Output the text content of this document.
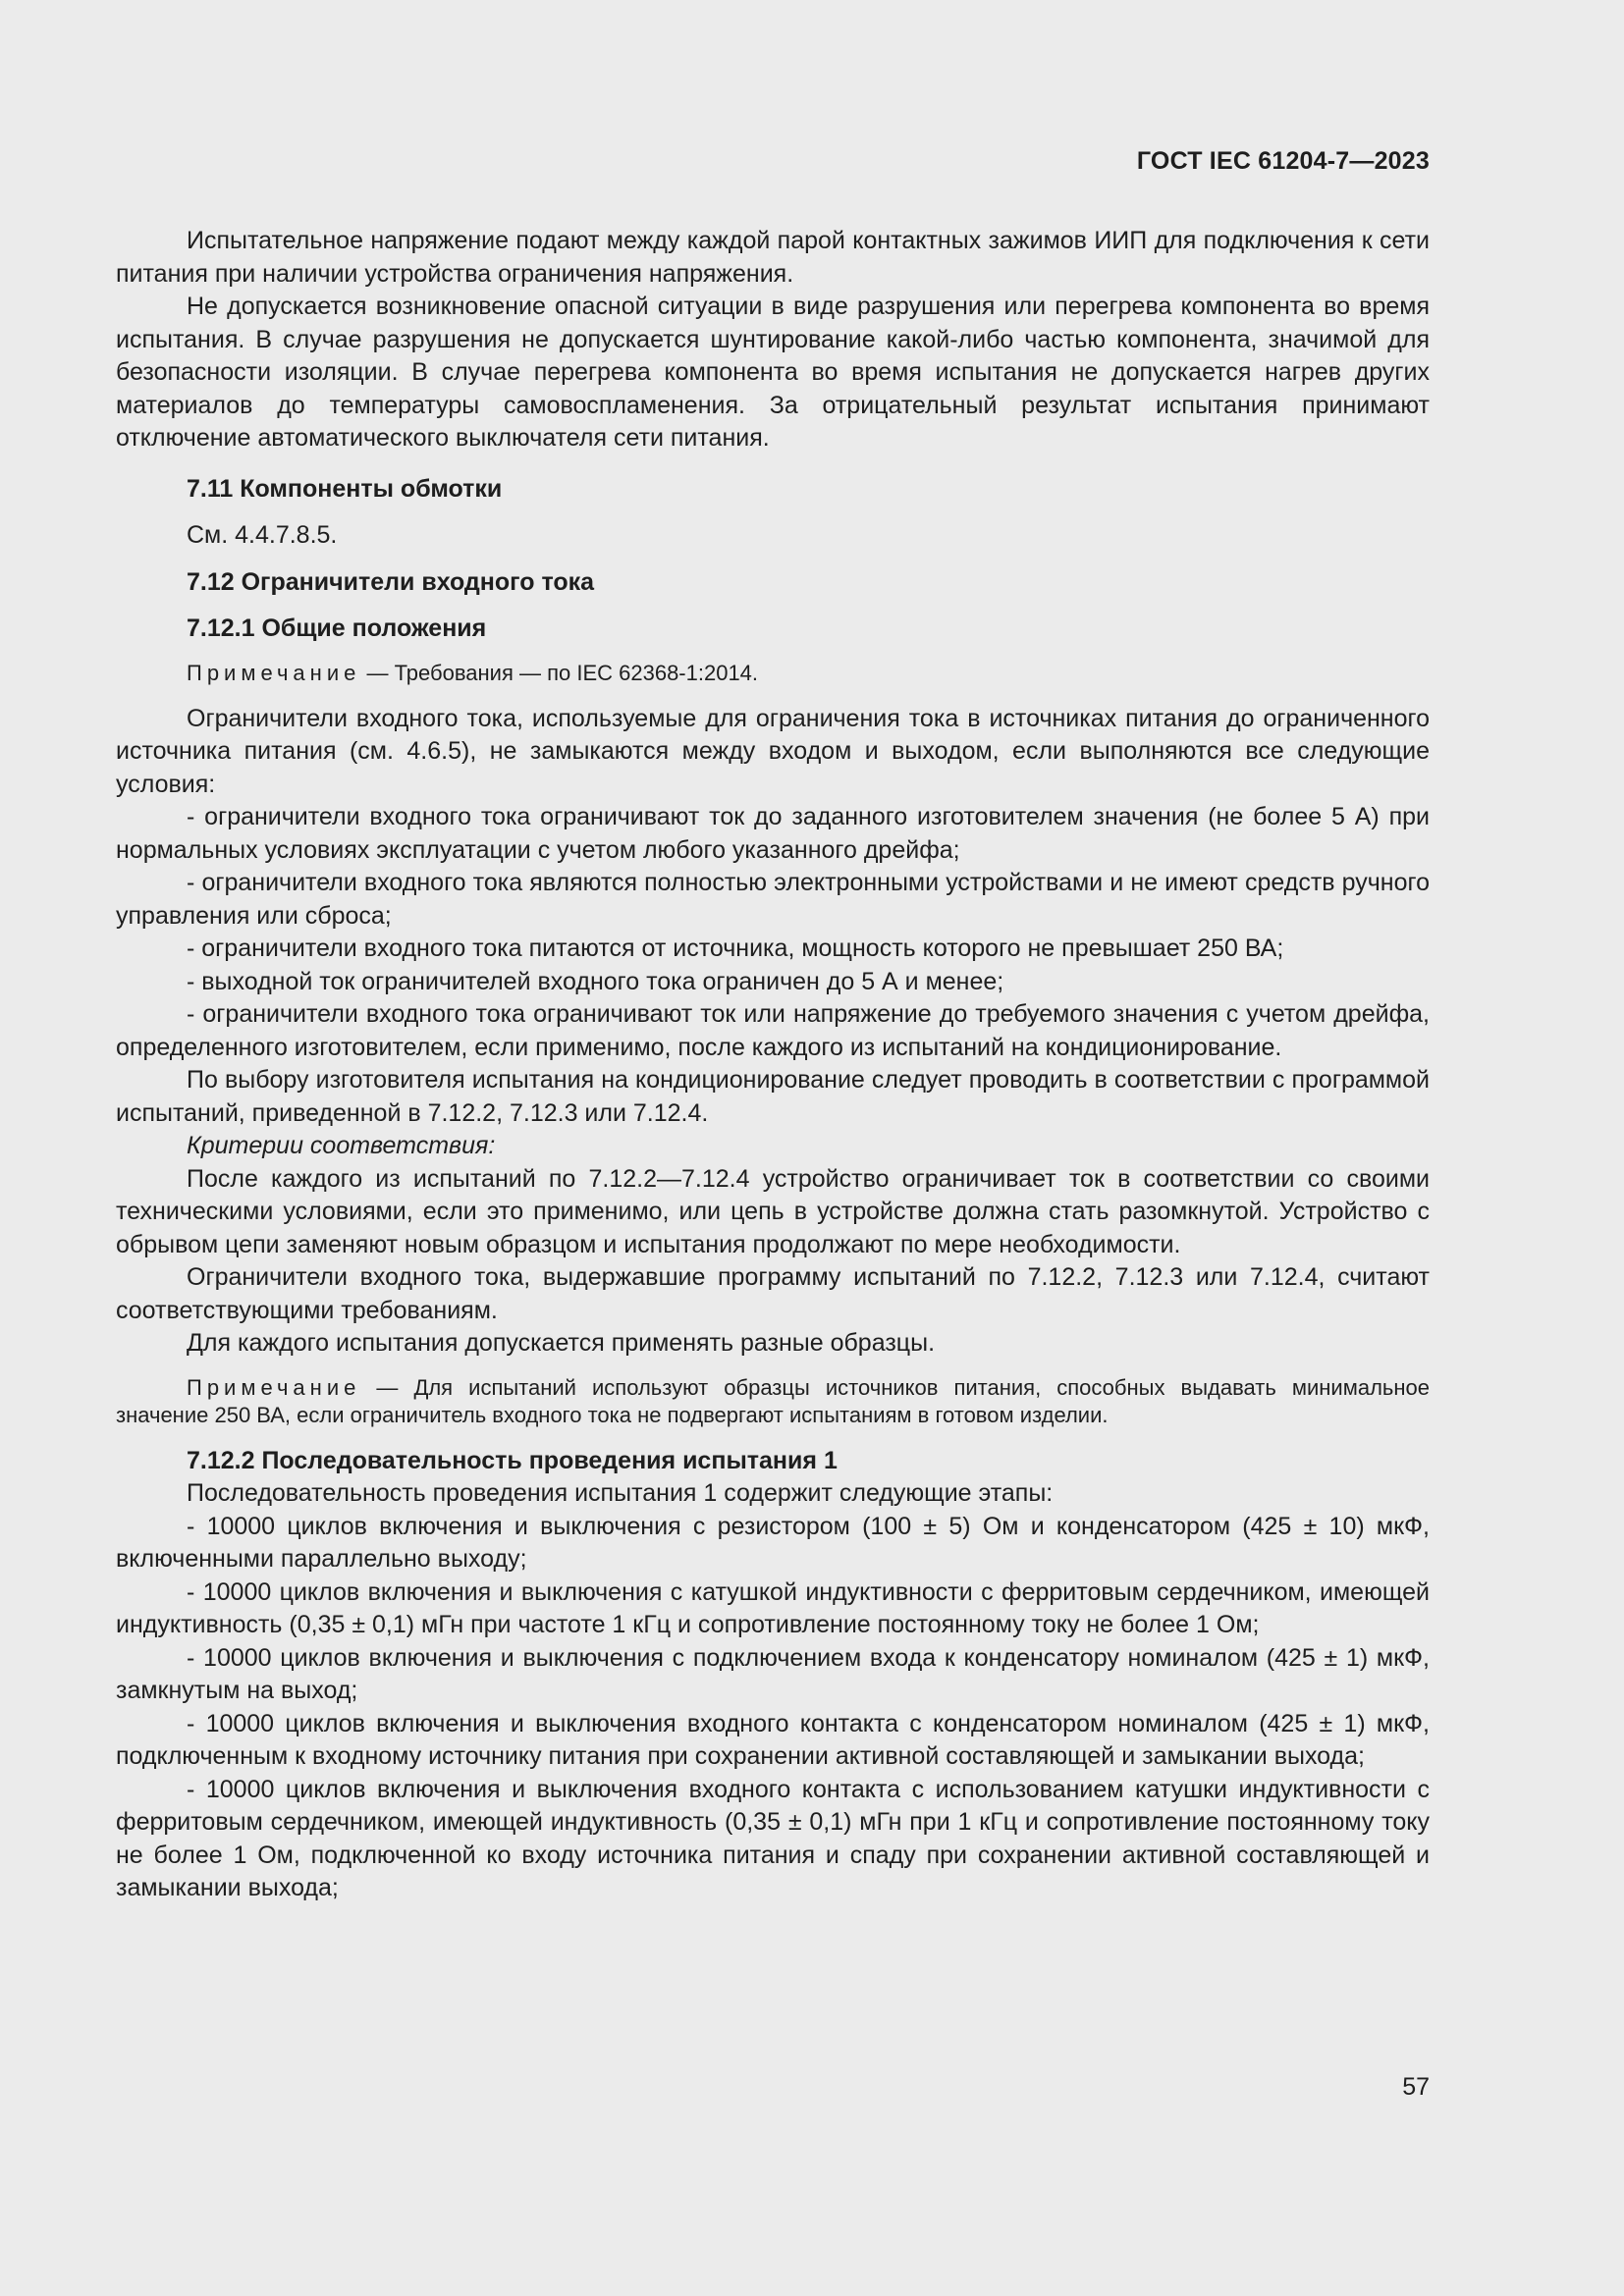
ГОСТ IEC 61204-7—2023

Испытательное напряжение подают между каждой парой контактных зажимов ИИП для подключения к сети питания при наличии устройства ограничения напряжения.

Не допускается возникновение опасной ситуации в виде разрушения или перегрева компонента во время испытания. В случае разрушения не допускается шунтирование какой-либо частью компонента, значимой для безопасности изоляции. В случае перегрева компонента во время испытания не допускается нагрев других материалов до температуры самовоспламенения. За отрицательный результат испытания принимают отключение автоматического выключателя сети питания.

7.11 Компоненты обмотки
См. 4.4.7.8.5.
7.12 Ограничители входного тока
7.12.1 Общие положения
Примечание — Требования — по IEC 62368-1:2014.

Ограничители входного тока, используемые для ограничения тока в источниках питания до ограниченного источника питания (см. 4.6.5), не замыкаются между входом и выходом, если выполняются все следующие условия:

- ограничители входного тока ограничивают ток до заданного изготовителем значения (не более 5 А) при нормальных условиях эксплуатации с учетом любого указанного дрейфа;

- ограничители входного тока являются полностью электронными устройствами и не имеют средств ручного управления или сброса;

- ограничители входного тока питаются от источника, мощность которого не превышает 250 ВА;

- выходной ток ограничителей входного тока ограничен до 5 А и менее;

- ограничители входного тока ограничивают ток или напряжение до требуемого значения с учетом дрейфа, определенного изготовителем, если применимо, после каждого из испытаний на кондиционирование.

По выбору изготовителя испытания на кондиционирование следует проводить в соответствии с программой испытаний, приведенной в 7.12.2, 7.12.3 или 7.12.4.

Критерии соответствия:

После каждого из испытаний по 7.12.2—7.12.4 устройство ограничивает ток в соответствии со своими техническими условиями, если это применимо, или цепь в устройстве должна стать разомкнутой. Устройство с обрывом цепи заменяют новым образцом и испытания продолжают по мере необходимости.

Ограничители входного тока, выдержавшие программу испытаний по 7.12.2, 7.12.3 или 7.12.4, считают соответствующими требованиям.

Для каждого испытания допускается применять разные образцы.

Примечание — Для испытаний используют образцы источников питания, способных выдавать минимальное значение 250 ВА, если ограничитель входного тока не подвергают испытаниям в готовом изделии.
7.12.2 Последовательность проведения испытания 1

Последовательность проведения испытания 1 содержит следующие этапы:

- 10000 циклов включения и выключения с резистором (100 ± 5) Ом и конденсатором (425 ± 10) мкФ, включенными параллельно выходу;

- 10000 циклов включения и выключения с катушкой индуктивности с ферритовым сердечником, имеющей индуктивность (0,35 ± 0,1) мГн при частоте 1 кГц и сопротивление постоянному току не более 1 Ом;

- 10000 циклов включения и выключения с подключением входа к конденсатору номиналом (425 ± 1) мкФ, замкнутым на выход;

- 10000 циклов включения и выключения входного контакта с конденсатором номиналом (425 ± 1) мкФ, подключенным к входному источнику питания при сохранении активной составляющей и замыкании выхода;

- 10000 циклов включения и выключения входного контакта с использованием катушки индуктивности с ферритовым сердечником, имеющей индуктивность (0,35 ± 0,1) мГн при 1 кГц и сопротивление постоянному току не более 1 Ом, подключенной ко входу источника питания и спаду при сохранении активной составляющей и замыкании выхода;

57
